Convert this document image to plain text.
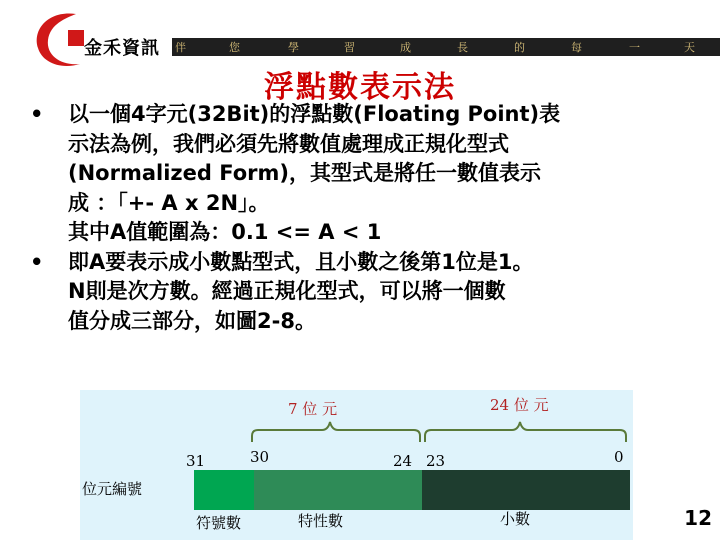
金禾資訊 伴	您	學	習	成	長	的	每	一	天
浮點數表示法
• 以一個4字元(32Bit)的浮點數(Floating Point)表
示法為例，我們必須先將數值處理成正規化型式
(Normalized Form)，其型式是將任一數值表示
成 ：「+- A x 2N」。
其中A值範圍為：0.1 <= A < 1
• 即A要表示成小數點型式，且小數之後第1位是1。
N則是次方數。經過正規化型式，可以將一個數
值分成三部分，如圖2-8。
7 位 元	24 位 元
31	30	24 23	0
位元編號
符號數	特性數	小數	12
